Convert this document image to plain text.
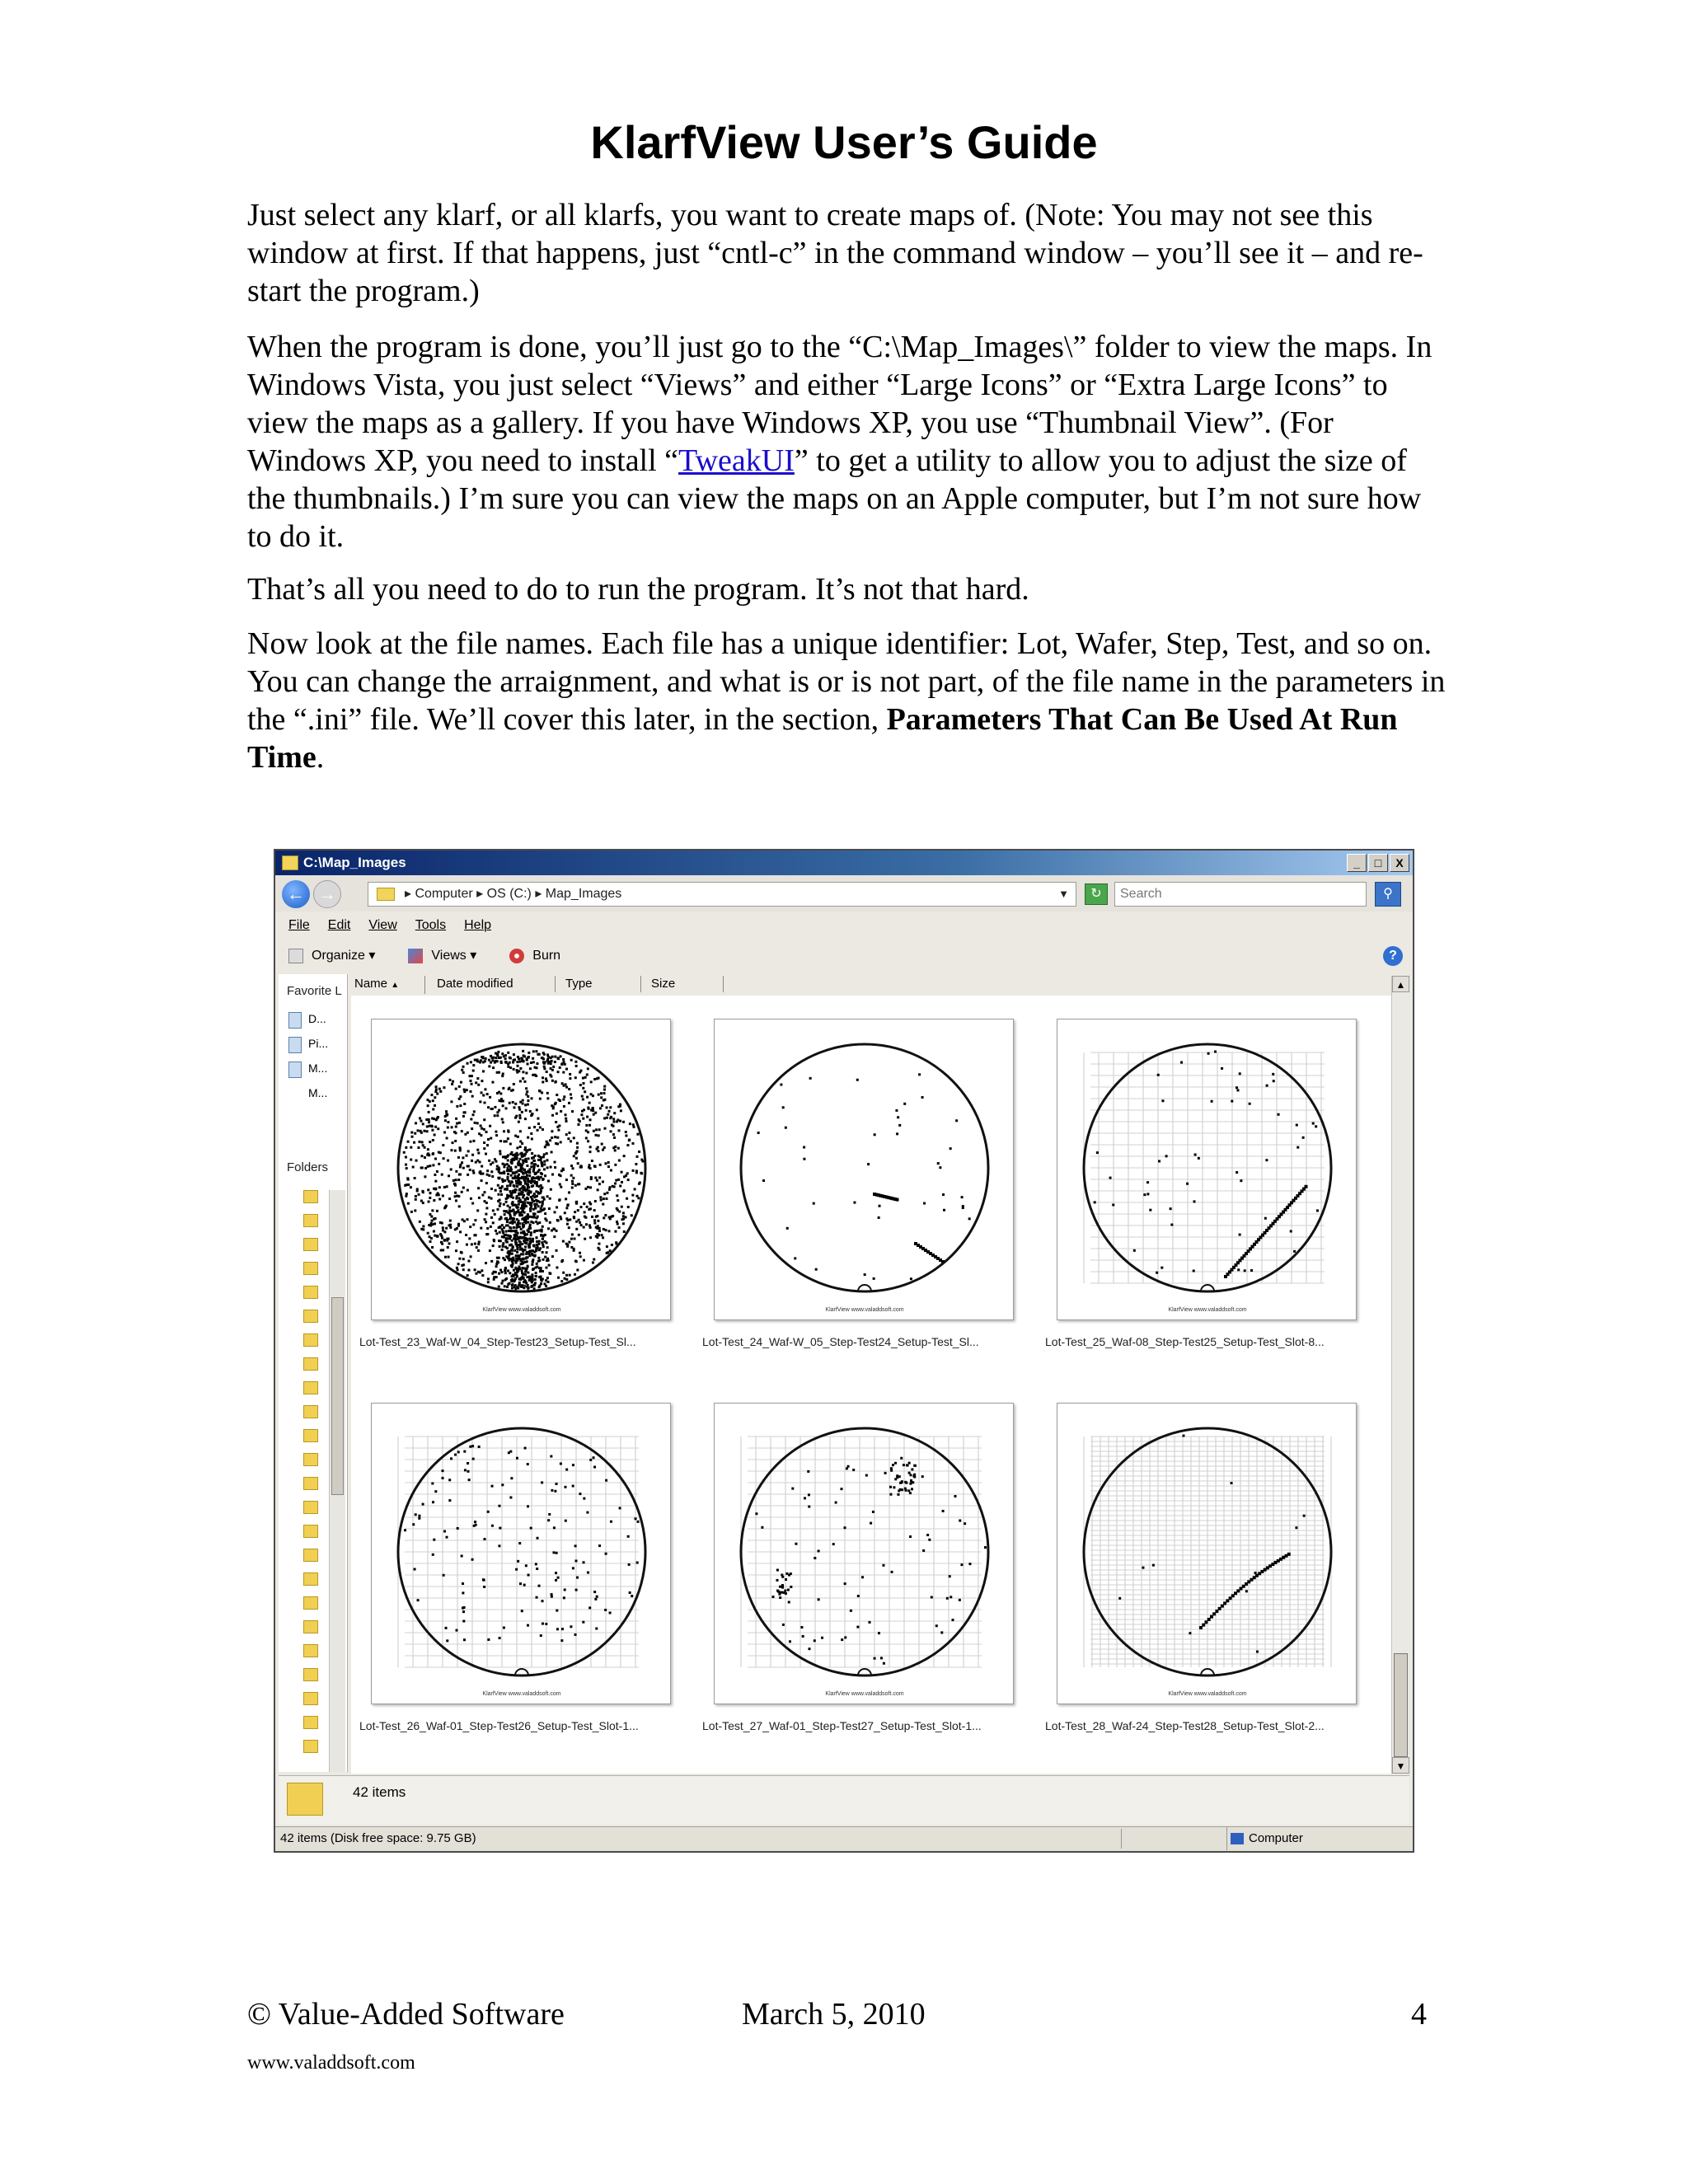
KlarfView User’s Guide

Just select any klarf, or all klarfs, you want to create maps of. (Note: You may not see this window at first. If that happens, just “cntl-c” in the command window – you’ll see it – and re-start the program.)

When the program is done, you’ll just go to the “C:\Map_Images\” folder to view the maps. In Windows Vista, you just select “Views” and either “Large Icons” or “Extra Large Icons” to view the maps as a gallery. If you have Windows XP, you use “Thumbnail View”. (For Windows XP, you need to install “TweakUI” to get a utility to allow you to adjust the size of the thumbnails.) I’m sure you can view the maps on an Apple computer, but I’m not sure how to do it.

That’s all you need to do to run the program. It’s not that hard.

Now look at the file names. Each file has a unique identifier: Lot, Wafer, Step, Test, and so on. You can change the arraignment, and what is or is not part, of the file name in the parameters in the “.ini” file. We’ll cover this later, in the section, Parameters That Can Be Used At Run Time.

C:\Map_Images	_	□	X
← →	▸ Computer ▸ OS (C:) ▸ Map_Images	▼	↻	Search	⚲
File Edit View Tools Help
Organize ▾	Views ▾	Burn	?
Favorite L
D...
Pi...
M...
M...
Folders
Name ▲	Date modified	Type	Size
KlarfView www.valaddsoft.com
Lot-Test_23_Waf-W_04_Step-Test23_Setup-Test_Sl...
KlarfView www.valaddsoft.com
Lot-Test_24_Waf-W_05_Step-Test24_Setup-Test_Sl...
KlarfView www.valaddsoft.com
Lot-Test_25_Waf-08_Step-Test25_Setup-Test_Slot-8...
KlarfView www.valaddsoft.com
Lot-Test_26_Waf-01_Step-Test26_Setup-Test_Slot-1...
KlarfView www.valaddsoft.com
Lot-Test_27_Waf-01_Step-Test27_Setup-Test_Slot-1...
KlarfView www.valaddsoft.com
Lot-Test_28_Waf-24_Step-Test28_Setup-Test_Slot-2...
▲
▼
42 items
42 items (Disk free space: 9.75 GB)	Computer
© Value-Added Software	March 5, 2010	4
www.valaddsoft.com
